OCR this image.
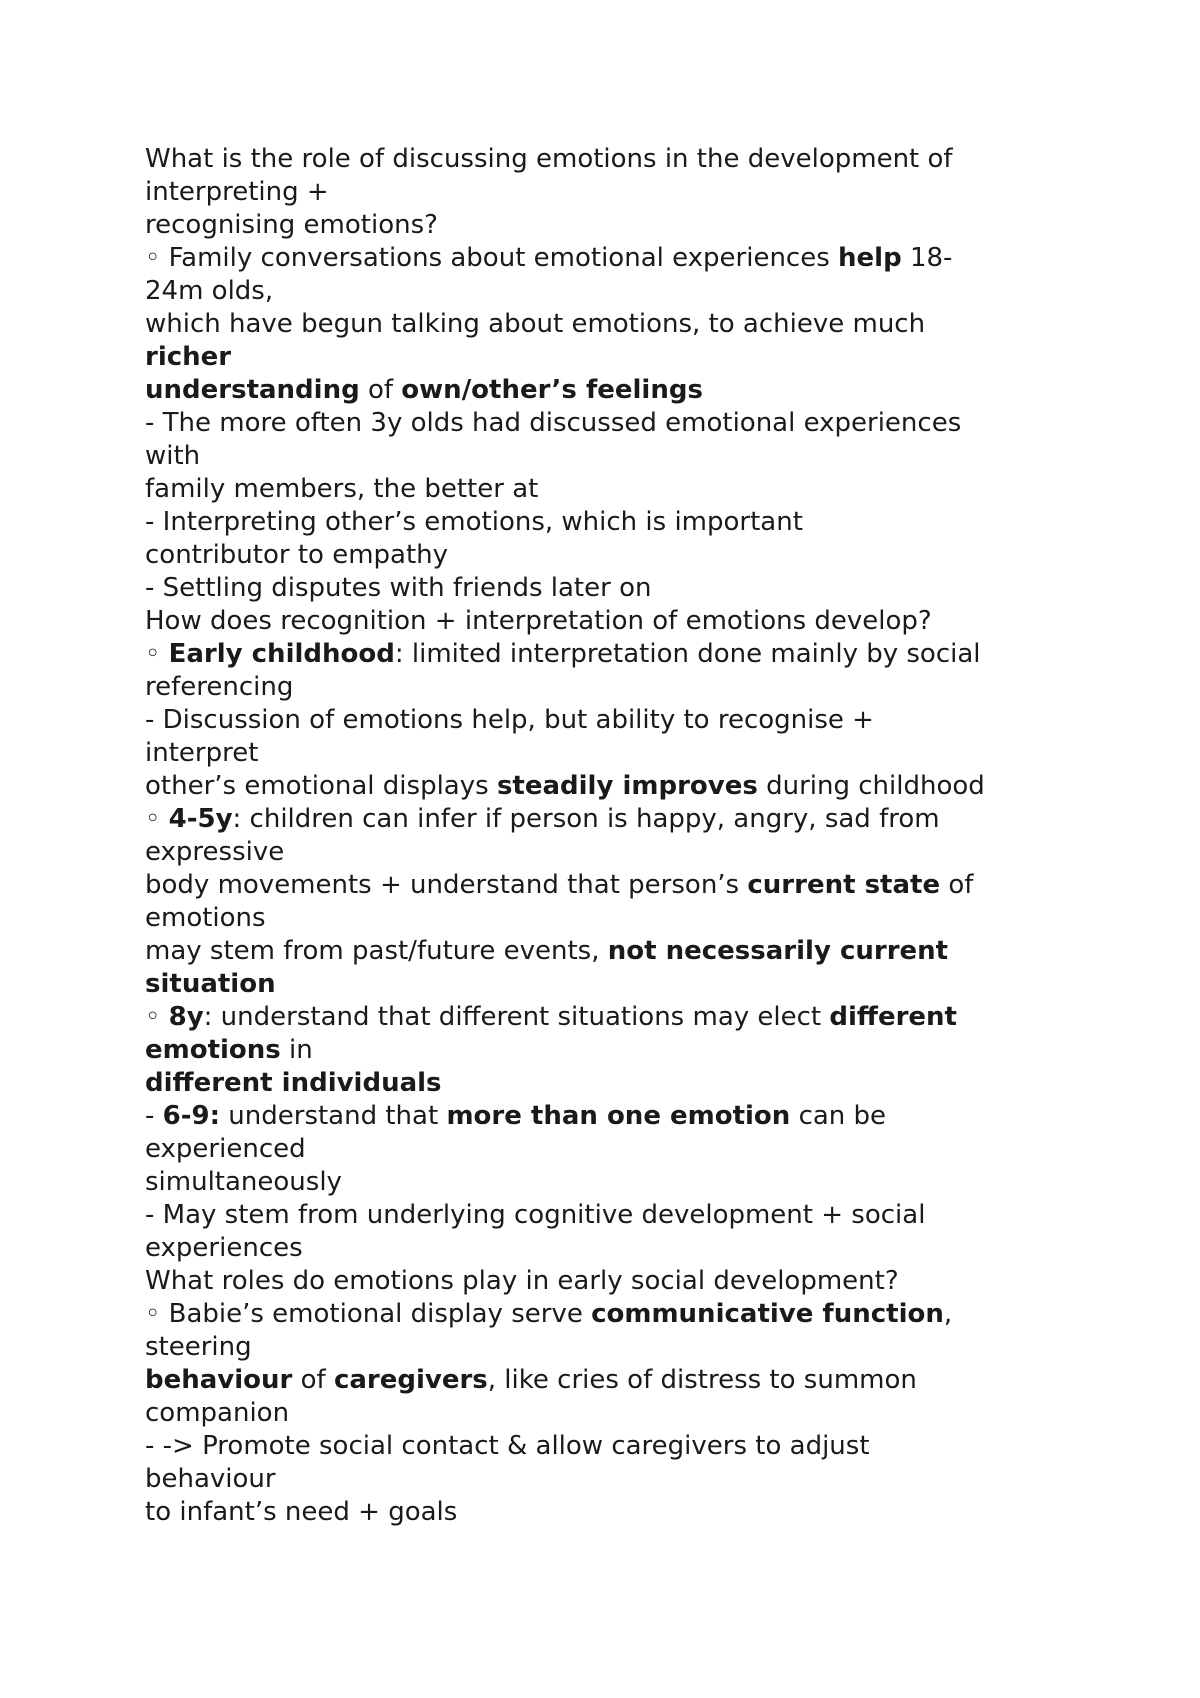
What is the role of discussing emotions in the development of
interpreting +
recognising emotions?
◦ Family conversations about emotional experiences help 18-
24m olds,
which have begun talking about emotions, to achieve much
richer
understanding of own/other’s feelings
- The more often 3y olds had discussed emotional experiences
with
family members, the better at
- Interpreting other’s emotions, which is important
contributor to empathy
- Settling disputes with friends later on
How does recognition + interpretation of emotions develop?
◦ Early childhood: limited interpretation done mainly by social
referencing
- Discussion of emotions help, but ability to recognise +
interpret
other’s emotional displays steadily improves during childhood
◦ 4-5y: children can infer if person is happy, angry, sad from
expressive
body movements + understand that person’s current state of
emotions
may stem from past/future events, not necessarily current
situation
◦ 8y: understand that different situations may elect different
emotions in
different individuals
- 6-9: understand that more than one emotion can be
experienced
simultaneously
- May stem from underlying cognitive development + social
experiences
What roles do emotions play in early social development?
◦ Babie’s emotional display serve communicative function,
steering
behaviour of caregivers, like cries of distress to summon
companion
- -> Promote social contact & allow caregivers to adjust
behaviour
to infant’s need + goals
